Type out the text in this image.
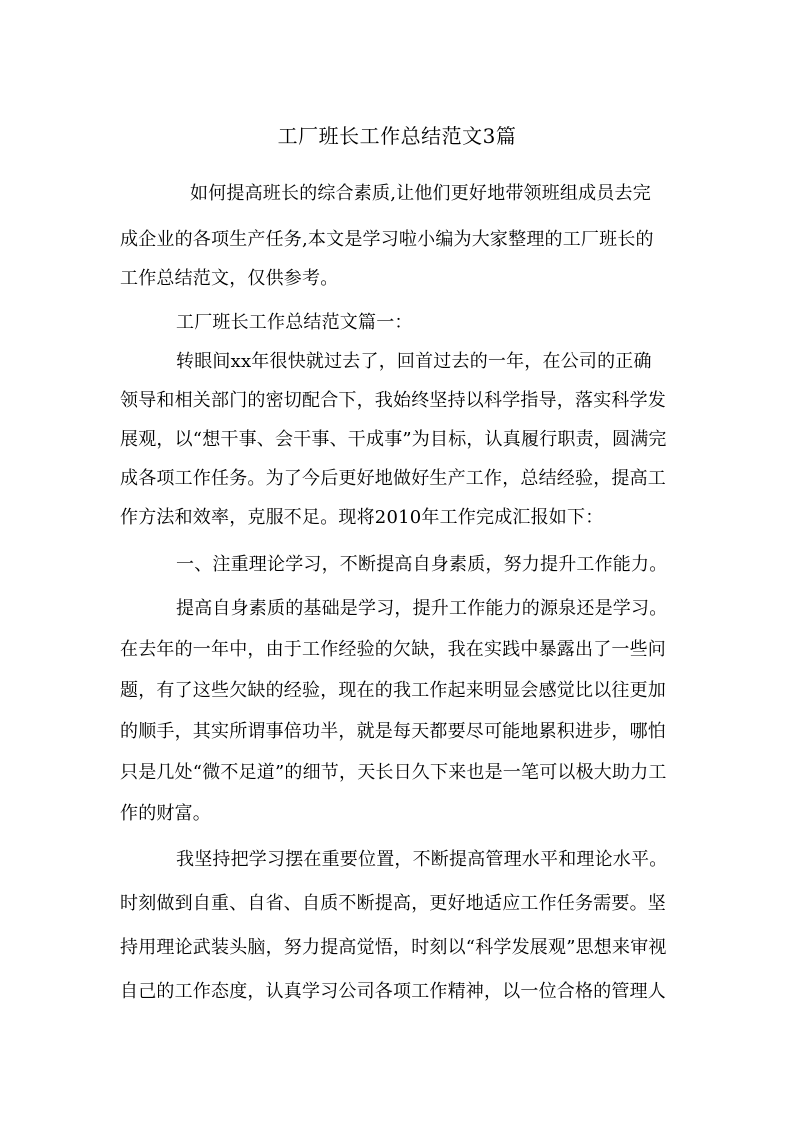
工厂班长工作总结范文3篇

如何提高班长的综合素质,让他们更好地带领班组成员去完

成企业的各项生产任务,本文是学习啦小编为大家整理的工厂班长的

工作总结范文，仅供参考。

工厂班长工作总结范文篇一：

转眼间xx年很快就过去了，回首过去的一年，在公司的正确

领导和相关部门的密切配合下，我始终坚持以科学指导，落实科学发

展观，以“想干事、会干事、干成事”为目标，认真履行职责，圆满完

成各项工作任务。为了今后更好地做好生产工作，总结经验，提高工

作方法和效率，克服不足。现将2010年工作完成汇报如下：

一、注重理论学习，不断提高自身素质，努力提升工作能力。

提高自身素质的基础是学习，提升工作能力的源泉还是学习。

在去年的一年中，由于工作经验的欠缺，我在实践中暴露出了一些问

题，有了这些欠缺的经验，现在的我工作起来明显会感觉比以往更加

的顺手，其实所谓事倍功半，就是每天都要尽可能地累积进步，哪怕

只是几处“微不足道”的细节，天长日久下来也是一笔可以极大助力工

作的财富。

我坚持把学习摆在重要位置，不断提高管理水平和理论水平。

时刻做到自重、自省、自质不断提高，更好地适应工作任务需要。坚

持用理论武装头脑，努力提高觉悟，时刻以“科学发展观”思想来审视

自己的工作态度，认真学习公司各项工作精神，以一位合格的管理人
